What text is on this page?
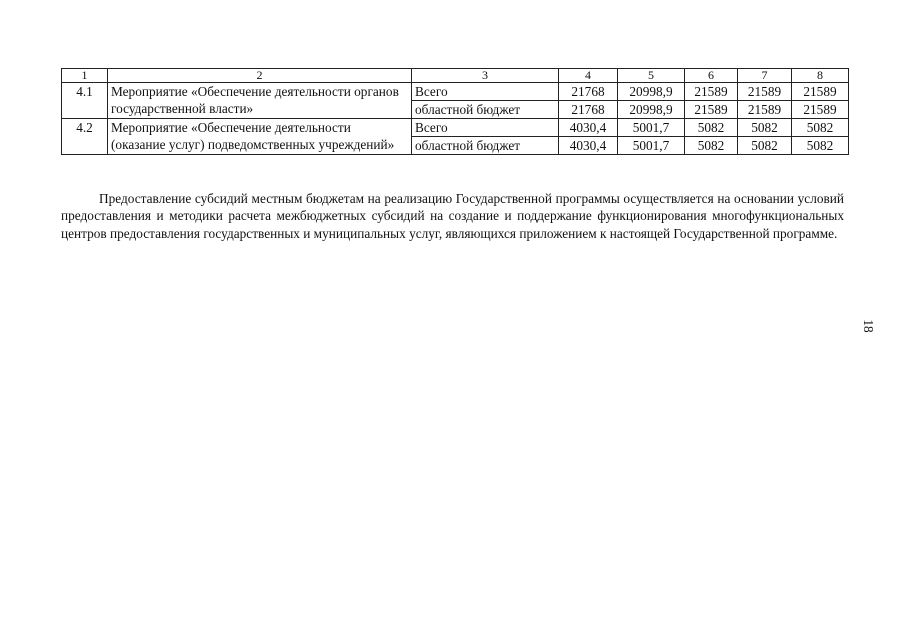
1	2	3	4	5	6	7	8
4.1	Мероприятие «Обеспечение деятельности органов государственной власти»	Всего	21768	20998,9	21589	21589	21589
		областной бюджет	21768	20998,9	21589	21589	21589
4.2	Мероприятие «Обеспечение деятельности (оказание услуг) подведомственных учреждений»	Всего	4030,4	5001,7	5082	5082	5082
		областной бюджет	4030,4	5001,7	5082	5082	5082

Предоставление субсидий местным бюджетам на реализацию Государственной программы осуществляется на основании условий предоставления и методики расчета межбюджетных субсидий на создание и поддержание функционирования многофункциональных центров предоставления государственных и муниципальных услуг, являющихся приложением к настоящей Государственной программе.

18
